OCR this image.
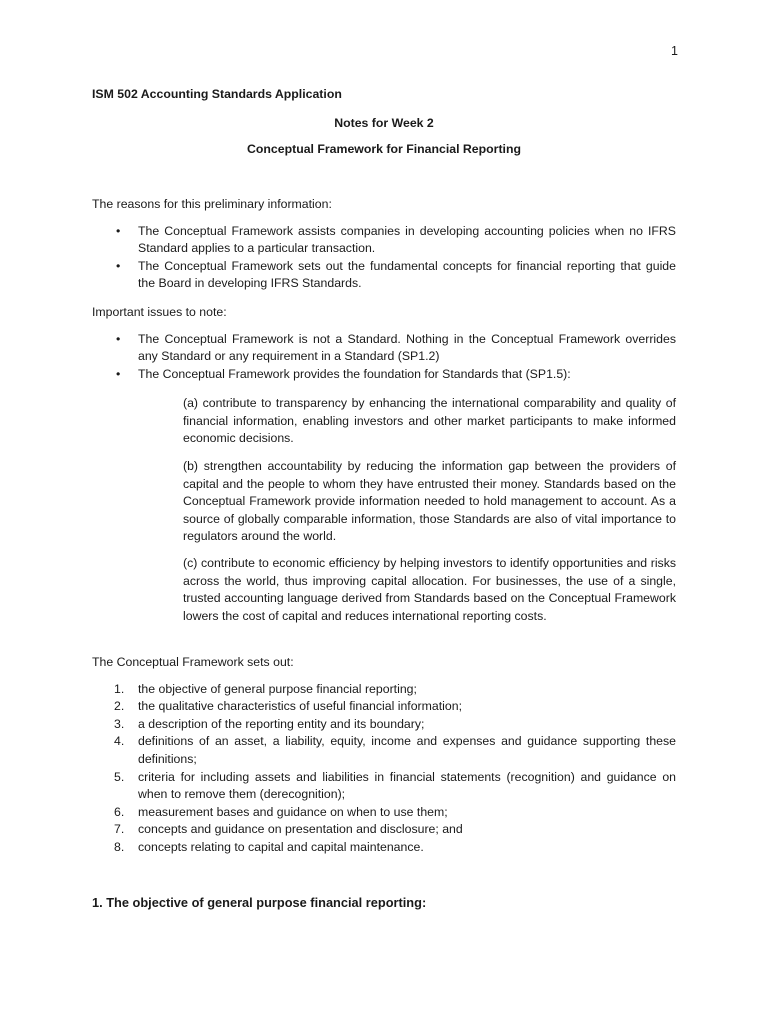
1
ISM 502 Accounting Standards Application
Notes for Week 2
Conceptual Framework for Financial Reporting

The reasons for this preliminary information:

• The Conceptual Framework assists companies in developing accounting policies when no IFRS Standard applies to a particular transaction.
• The Conceptual Framework sets out the fundamental concepts for financial reporting that guide the Board in developing IFRS Standards.

Important issues to note:

• The Conceptual Framework is not a Standard. Nothing in the Conceptual Framework overrides any Standard or any requirement in a Standard (SP1.2)
• The Conceptual Framework provides the foundation for Standards that (SP1.5):

(a) contribute to transparency by enhancing the international comparability and quality of financial information, enabling investors and other market participants to make informed economic decisions.

(b) strengthen accountability by reducing the information gap between the providers of capital and the people to whom they have entrusted their money. Standards based on the Conceptual Framework provide information needed to hold management to account. As a source of globally comparable information, those Standards are also of vital importance to regulators around the world.

(c) contribute to economic efficiency by helping investors to identify opportunities and risks across the world, thus improving capital allocation. For businesses, the use of a single, trusted accounting language derived from Standards based on the Conceptual Framework lowers the cost of capital and reduces international reporting costs.

The Conceptual Framework sets out:

1. the objective of general purpose financial reporting;
2. the qualitative characteristics of useful financial information;
3. a description of the reporting entity and its boundary;
4. definitions of an asset, a liability, equity, income and expenses and guidance supporting these definitions;
5. criteria for including assets and liabilities in financial statements (recognition) and guidance on when to remove them (derecognition);
6. measurement bases and guidance on when to use them;
7. concepts and guidance on presentation and disclosure; and
8. concepts relating to capital and capital maintenance.
1. The objective of general purpose financial reporting:
